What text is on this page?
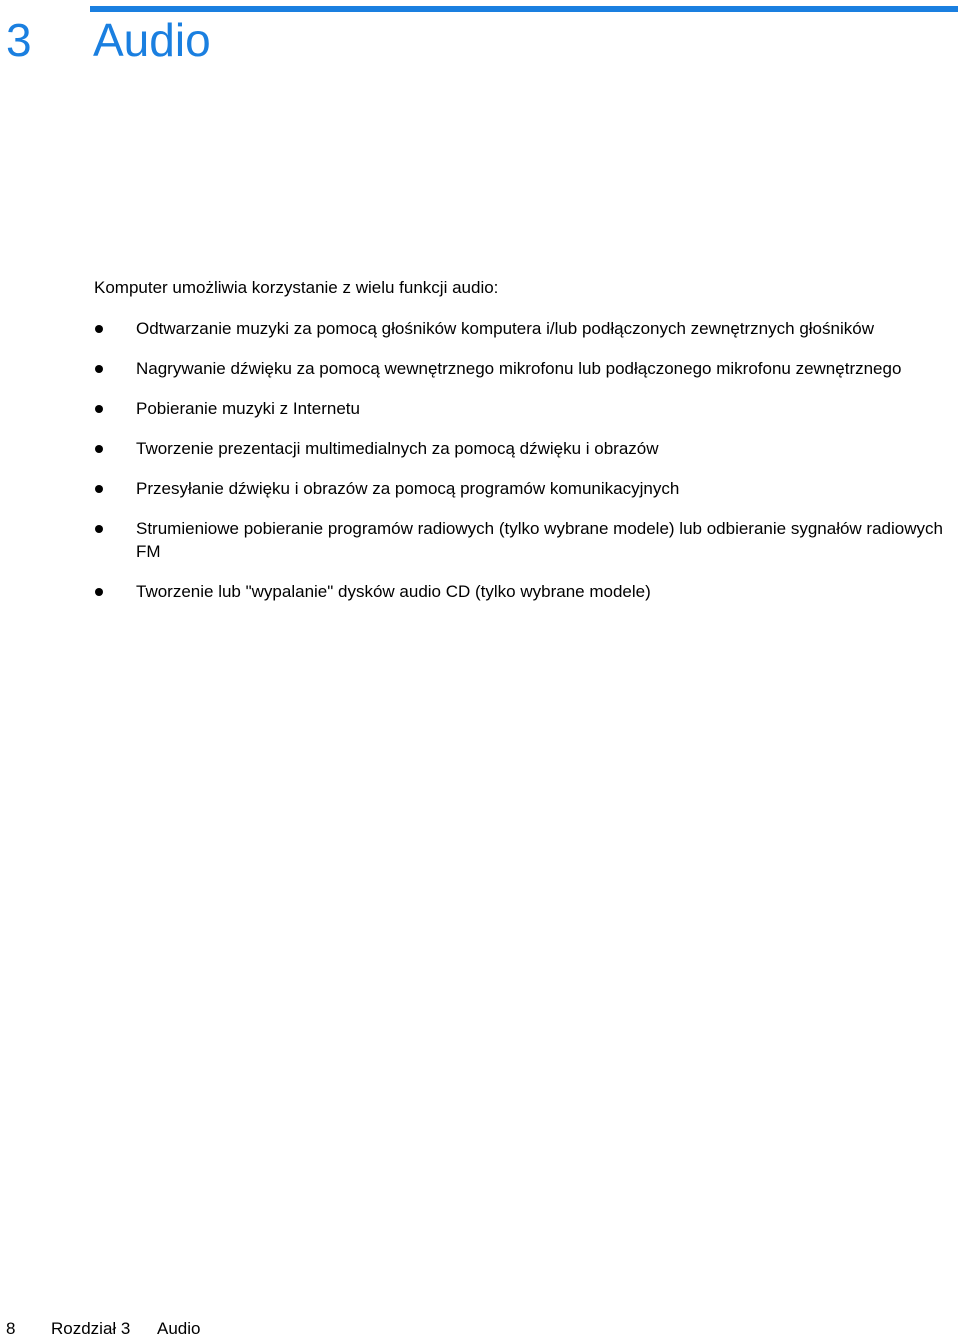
3 Audio

Komputer umożliwia korzystanie z wielu funkcji audio:

Odtwarzanie muzyki za pomocą głośników komputera i/lub podłączonych zewnętrznych głośników
Nagrywanie dźwięku za pomocą wewnętrznego mikrofonu lub podłączonego mikrofonu zewnętrznego
Pobieranie muzyki z Internetu
Tworzenie prezentacji multimedialnych za pomocą dźwięku i obrazów
Przesyłanie dźwięku i obrazów za pomocą programów komunikacyjnych
Strumieniowe pobieranie programów radiowych (tylko wybrane modele) lub odbieranie sygnałów radiowych FM
Tworzenie lub "wypalanie" dysków audio CD (tylko wybrane modele)
8 Rozdział 3 Audio
